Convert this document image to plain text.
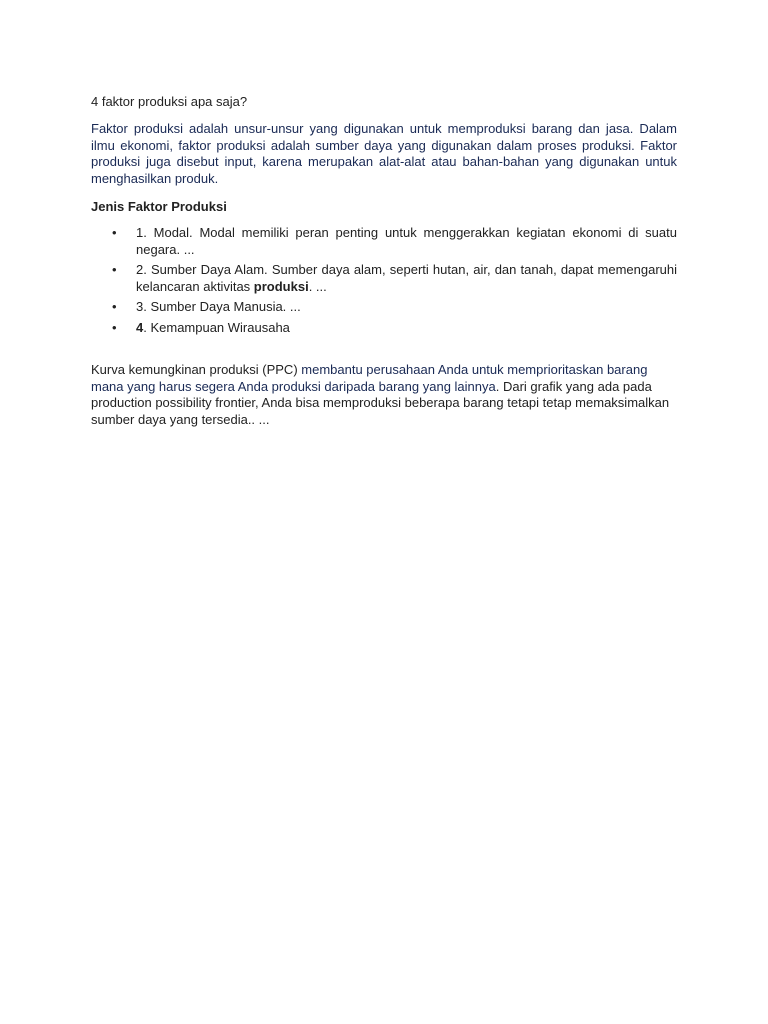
4 faktor produksi apa saja?

Faktor produksi adalah unsur-unsur yang digunakan untuk memproduksi barang dan jasa. Dalam ilmu ekonomi, faktor produksi adalah sumber daya yang digunakan dalam proses produksi. Faktor produksi juga disebut input, karena merupakan alat-alat atau bahan-bahan yang digunakan untuk menghasilkan produk.

Jenis Faktor Produksi

• 1. Modal. Modal memiliki peran penting untuk menggerakkan kegiatan ekonomi di suatu negara. ...
• 2. Sumber Daya Alam. Sumber daya alam, seperti hutan, air, dan tanah, dapat memengaruhi kelancaran aktivitas produksi. ...
• 3. Sumber Daya Manusia. ...
• 4. Kemampuan Wirausaha

Kurva kemungkinan produksi (PPC) membantu perusahaan Anda untuk memprioritaskan barang mana yang harus segera Anda produksi daripada barang yang lainnya. Dari grafik yang ada pada production possibility frontier, Anda bisa memproduksi beberapa barang tetapi tetap memaksimalkan sumber daya yang tersedia.. ...
